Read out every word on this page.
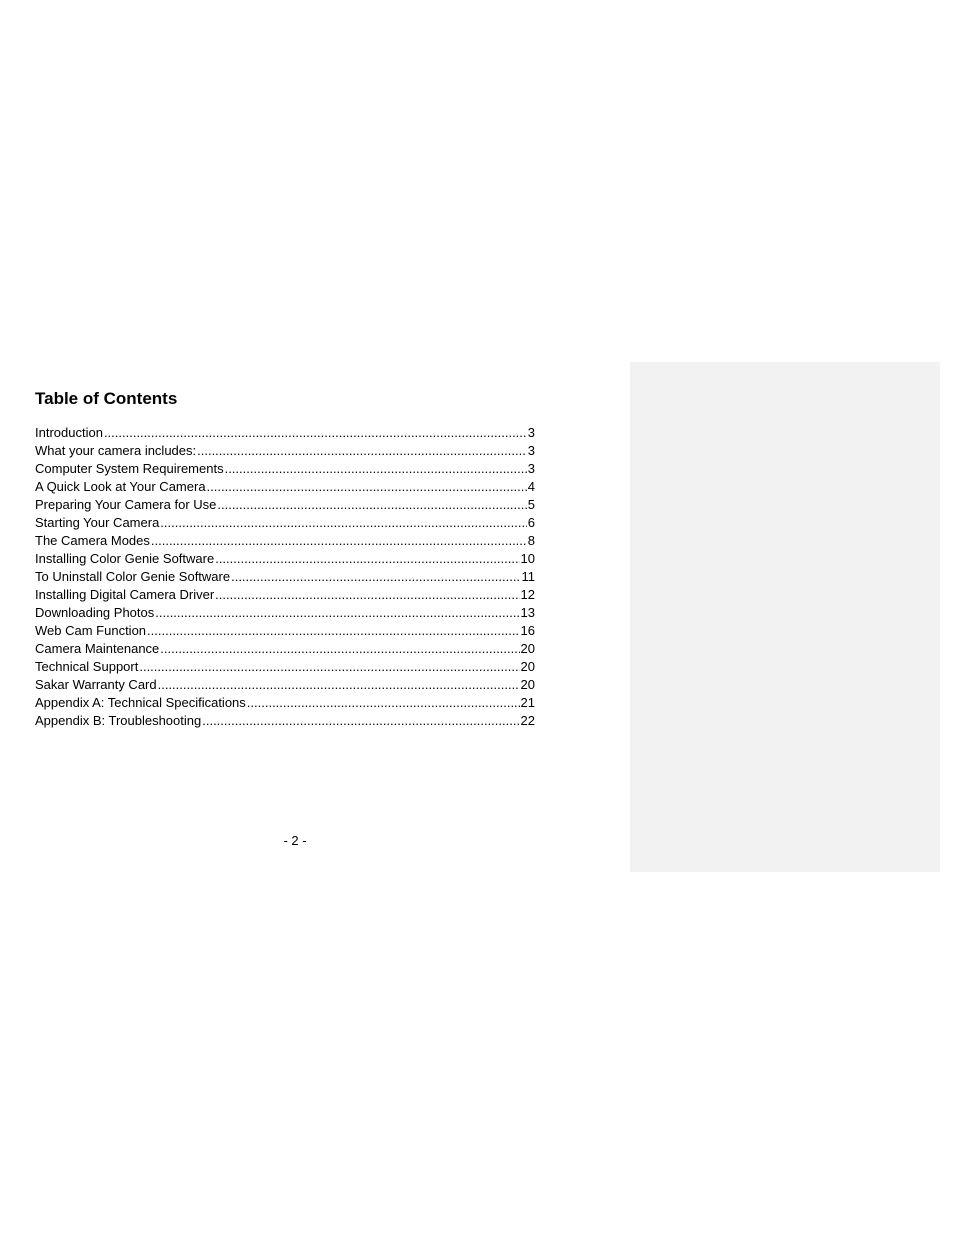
Table of Contents
Introduction .....	3
What your camera includes: .....	3
Computer System Requirements .....	3
A Quick Look at Your Camera .....	4
Preparing Your Camera for Use .....	5
Starting Your Camera .....	6
The Camera Modes .....	8
Installing Color Genie Software .....	10
To Uninstall Color Genie Software .....	11
Installing Digital Camera Driver .....	12
Downloading Photos .....	13
Web Cam Function .....	16
Camera Maintenance .....	20
Technical Support .....	20
Sakar Warranty Card .....	20
Appendix A: Technical Specifications .....	21
Appendix B: Troubleshooting .....	22
- 2 -
